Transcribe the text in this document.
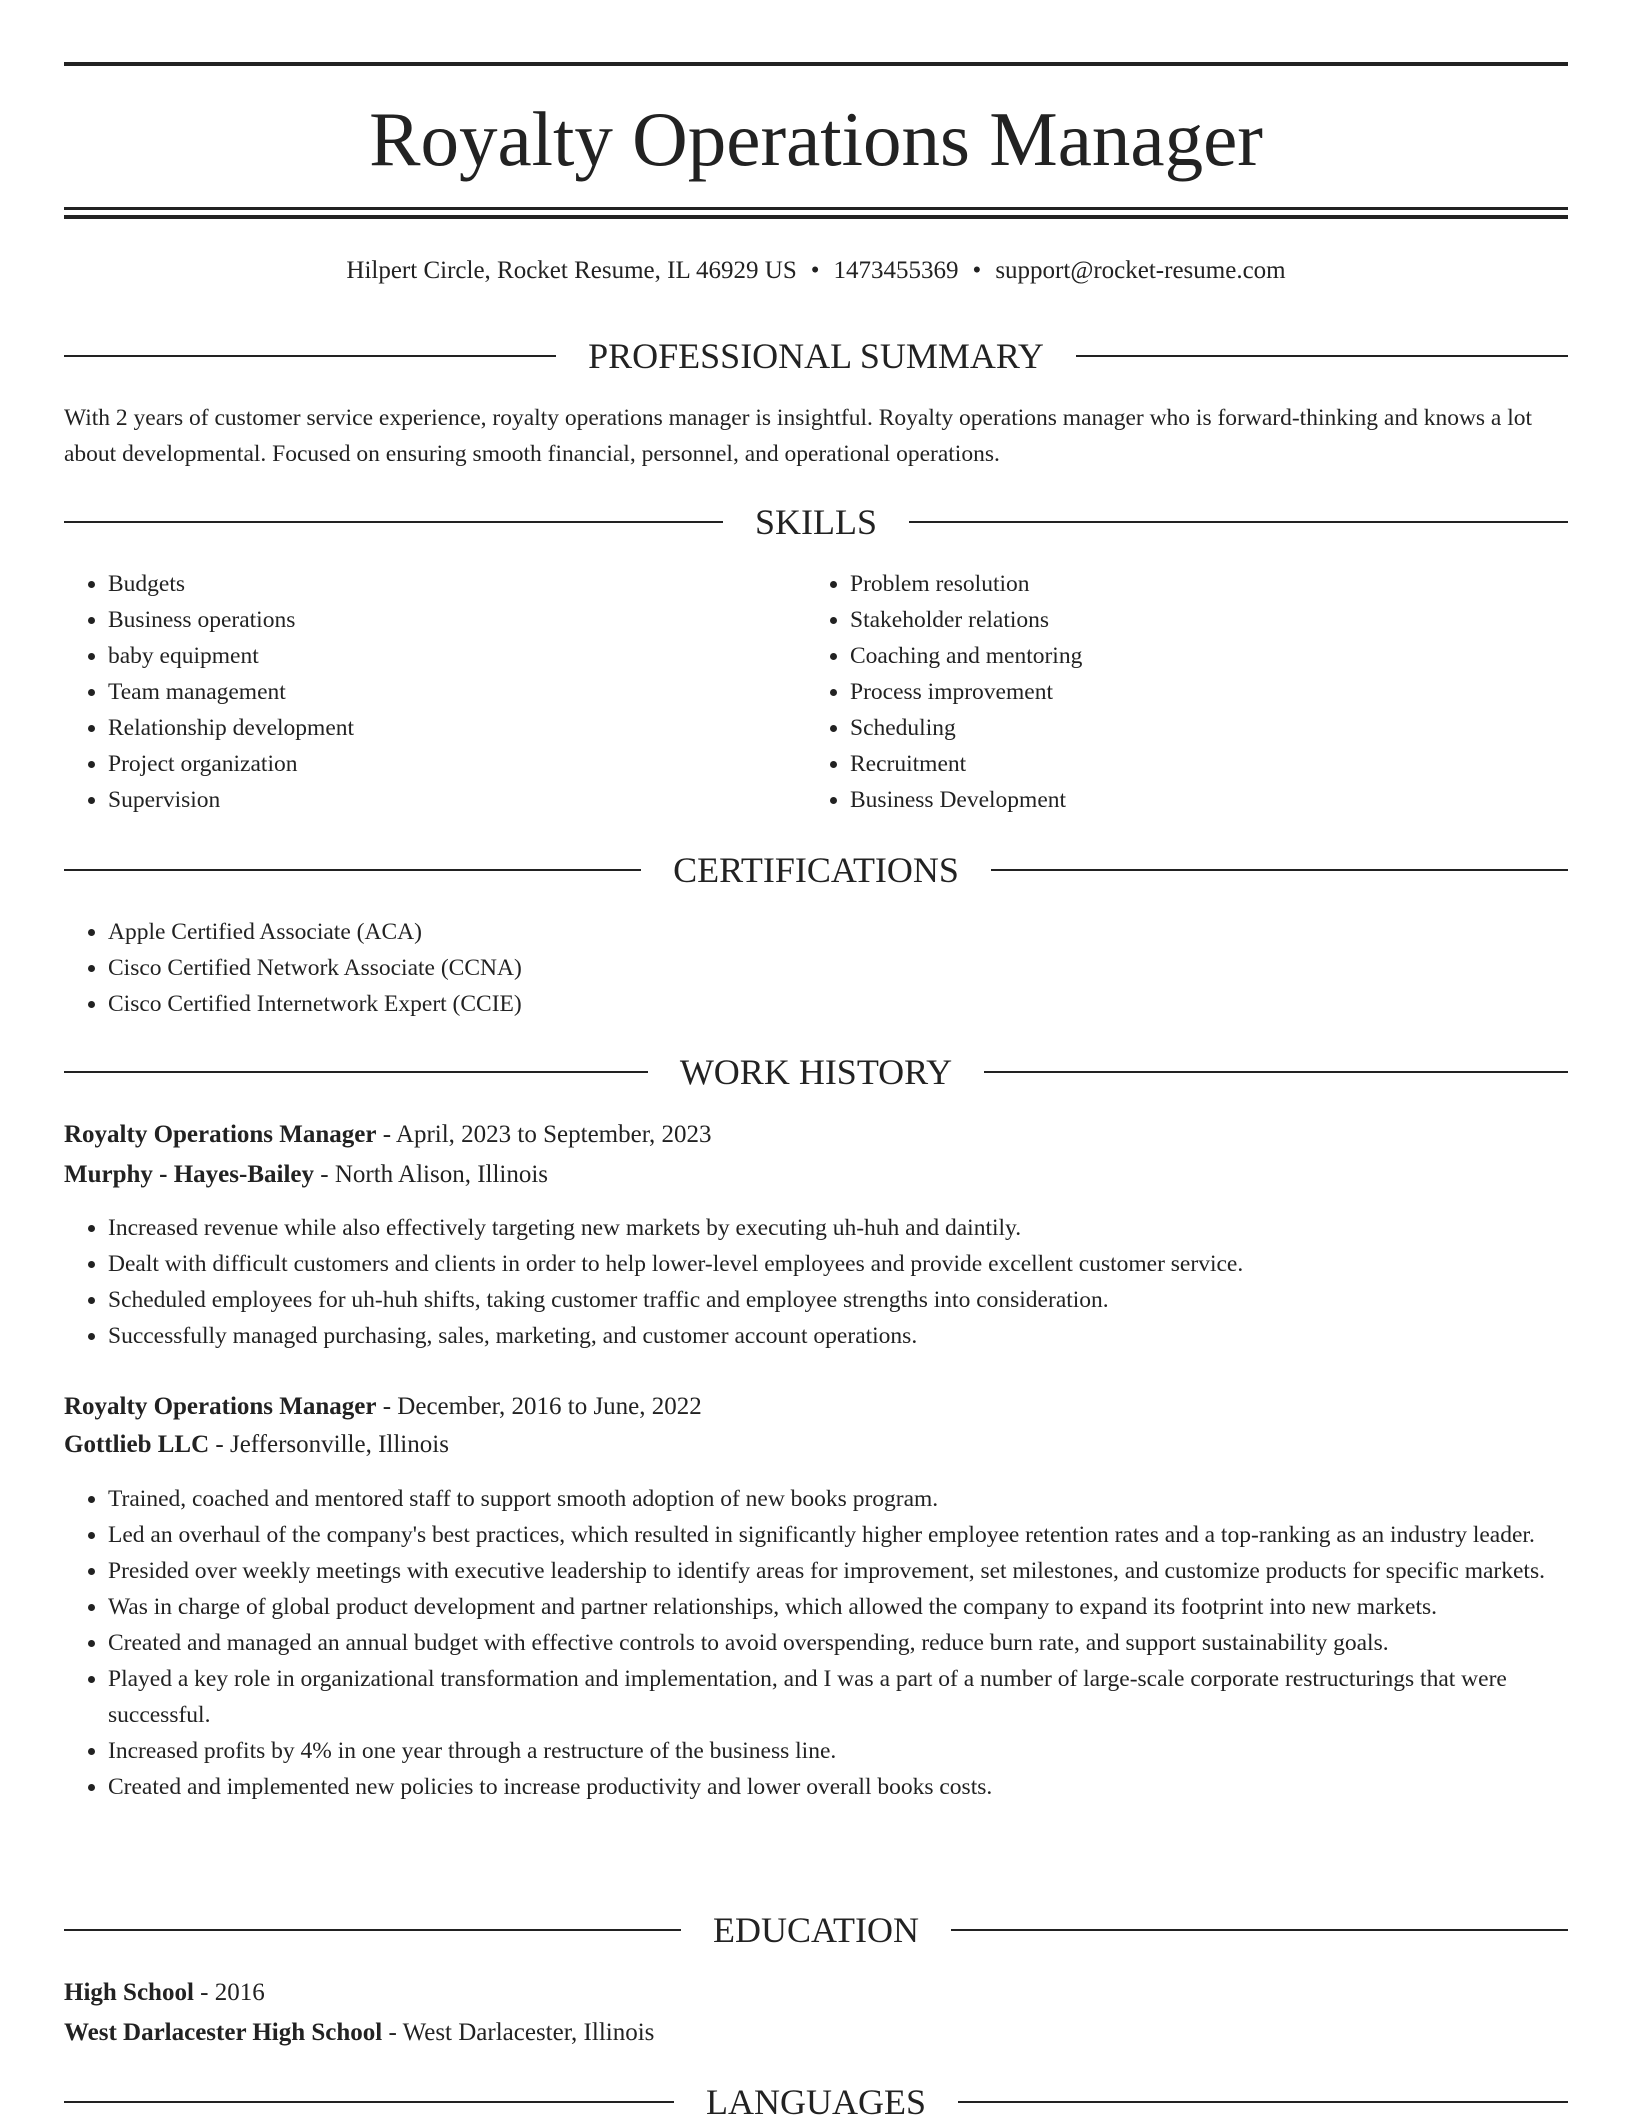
Royalty Operations Manager
Hilpert Circle, Rocket Resume, IL 46929 US • 1473455369 • support@rocket-resume.com
PROFESSIONAL SUMMARY

With 2 years of customer service experience, royalty operations manager is insightful. Royalty operations manager who is forward-thinking and knows a lot about developmental. Focused on ensuring smooth financial, personnel, and operational operations.

SKILLS
• Budgets
• Business operations
• baby equipment
• Team management
• Relationship development
• Project organization
• Supervision
• Problem resolution
• Stakeholder relations
• Coaching and mentoring
• Process improvement
• Scheduling
• Recruitment
• Business Development
CERTIFICATIONS
• Apple Certified Associate (ACA)
• Cisco Certified Network Associate (CCNA)
• Cisco Certified Internetwork Expert (CCIE)
WORK HISTORY
Royalty Operations Manager - April, 2023 to September, 2023
Murphy - Hayes-Bailey - North Alison, Illinois
• Increased revenue while also effectively targeting new markets by executing uh-huh and daintily.
• Dealt with difficult customers and clients in order to help lower-level employees and provide excellent customer service.
• Scheduled employees for uh-huh shifts, taking customer traffic and employee strengths into consideration.
• Successfully managed purchasing, sales, marketing, and customer account operations.
Royalty Operations Manager - December, 2016 to June, 2022
Gottlieb LLC - Jeffersonville, Illinois
• Trained, coached and mentored staff to support smooth adoption of new books program.
• Led an overhaul of the company's best practices, which resulted in significantly higher employee retention rates and a top-ranking as an industry leader.
• Presided over weekly meetings with executive leadership to identify areas for improvement, set milestones, and customize products for specific markets.
• Was in charge of global product development and partner relationships, which allowed the company to expand its footprint into new markets.
• Created and managed an annual budget with effective controls to avoid overspending, reduce burn rate, and support sustainability goals.
• Played a key role in organizational transformation and implementation, and I was a part of a number of large-scale corporate restructurings that were successful.
• Increased profits by 4% in one year through a restructure of the business line.
• Created and implemented new policies to increase productivity and lower overall books costs.
EDUCATION
High School - 2016
West Darlacester High School - West Darlacester, Illinois
LANGUAGES
